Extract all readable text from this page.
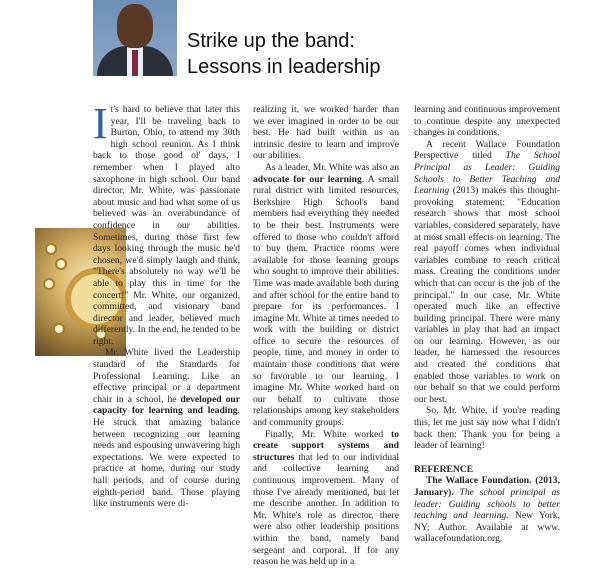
Strike up the band:
Lessons in leadership

I t's hard to believe that later this year, I'll be traveling back to Burton, Ohio, to attend my 30th high school reunion. As I think back to those good ol' days, I remember when I played alto saxophone in high school. Our band director, Mr. White, was passionate about music and had what some of us believed was an overabundance of confidence in our abilities. Sometimes, during those first few days looking through the music he'd chosen, we'd simply laugh and think, "There's absolutely no way we'll be able to play this in time for the concert!" Mr. White, our organized, committed, and visionary band director and leader, believed much differently. In the end, he tended to be right.

Mr. White lived the Leadership standard of the Standards for Professional Learning. Like an effective principal or a department chair in a school, he developed our capacity for learning and leading. He struck that amazing balance between recognizing our learning needs and espousing unwavering high expectations. We were expected to practice at home, during our study hall periods, and of course during eighth-period band. Those playing like instruments were di-

realizing it, we worked harder than we ever imagined in order to be our best. He had built within us an intrinsic desire to learn and improve our abilities.

As a leader, Mr. White was also an advocate for our learning. A small rural district with limited resources, Berkshire High School's band members had everything they needed to be their best. Instruments were offered to those who couldn't afford to buy them. Practice rooms were available for those learning groups who sought to improve their abilities. Time was made available both during and after school for the entire band to prepare for its performances. I imagine Mr. White at times needed to work with the building or district office to secure the resources of people, time, and money in order to maintain those conditions that were so favorable to our learning. I imagine Mr. White worked hard on our behalf to cultivate those relationships among key stakeholders and community groups.

Finally, Mr. White worked to create support systems and structures that led to our individual and collective learning and continuous improvement. Many of those I've already mentioned, but let me describe another. In addition to Mr. White's role as director, there were also other leadership positions within the band, namely band sergeant and corporal. If for any reason he was held up in a

learning and continuous improvement to continue despite any unexpected changes in conditions.

A recent Wallace Foundation Perspective titled The School Principal as Leader: Guiding Schools to Better Teaching and Learning (2013) makes this thought-provoking statement: "Education research shows that most school variables, considered separately, have at most small effects on learning. The real payoff comes when individual variables combine to reach critical mass. Creating the conditions under which that can occur is the job of the principal." In our case, Mr. White operated much like an effective building principal. There were many variables in play that had an impact on our learning. However, as our leader, he harnessed the resources and created the conditions that enabled those variables to work on our behalf so that we could perform our best.

So, Mr. White, if you're reading this, let me just say now what I didn't back then: Thank you for being a leader of learning!

REFERENCE

The Wallace Foundation. (2013, January). The school principal as leader: Guiding schools to better teaching and learning. New York, NY: Author. Available at www. wallacefoundation.org.
